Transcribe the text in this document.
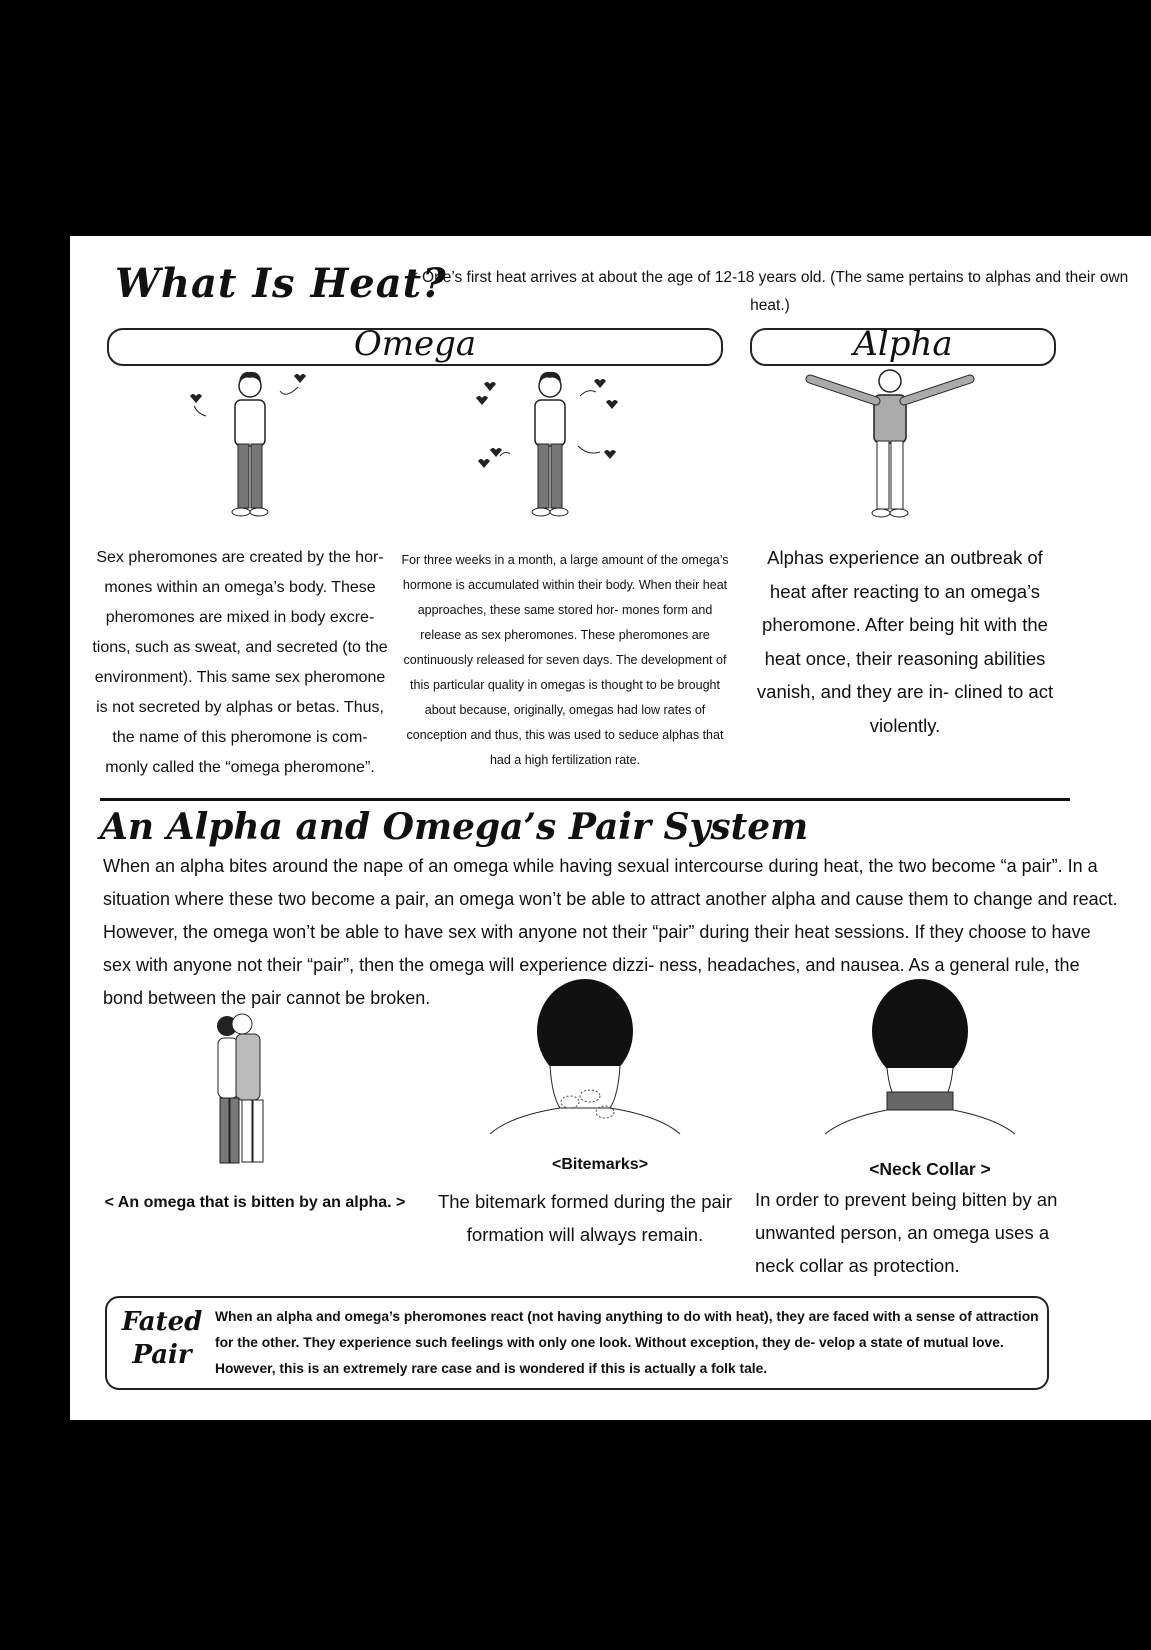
What Is Heat?
* One’s first heat arrives at about the age of 12-18 years old. (The same pertains to alphas and their own heat.)
Omega	Alpha
Sex pheromones are created by the hor- mones within an omega’s body. These pheromones are mixed in body excre- tions, such as sweat, and secreted (to the environment). This same sex pheromone is not secreted by alphas or betas. Thus, the name of this pheromone is com- monly called the “omega pheromone”.
For three weeks in a month, a large amount of the omega’s hormone is accumulated within their body. When their heat approaches, these same stored hor- mones form and release as sex pheromones. These pheromones are continuously released for seven days. The development of this particular quality in omegas is thought to be brought about because, originally, omegas had low rates of conception and thus, this was used to seduce alphas that had a high fertilization rate.
Alphas experience an outbreak of heat after reacting to an omega’s pheromone. After being hit with the heat once, their reasoning abilities vanish, and they are in- clined to act violently.
An Alpha and Omega’s Pair System
When an alpha bites around the nape of an omega while having sexual intercourse during heat, the two become “a pair”. In a situation where these two become a pair, an omega won’t be able to attract another alpha and cause them to change and react. However, the omega won’t be able to have sex with anyone not their “pair” during their heat sessions. If they choose to have sex with anyone not their “pair”, then the omega will experience dizzi- ness, headaches, and nausea. As a general rule, the bond between the pair cannot be broken.
< An omega that is bitten by an alpha. >
<Bitemarks>
The bitemark formed during the pair formation will always remain.
<Neck Collar >
In order to prevent being bitten by an unwanted person, an omega uses a neck collar as protection.
Fated
Pair
When an alpha and omega’s pheromones react (not having anything to do with heat), they are faced with a sense of attraction for the other. They experience such feelings with only one look. Without exception, they de- velop a state of mutual love. However, this is an extremely rare case and is wondered if this is actually a folk tale.
